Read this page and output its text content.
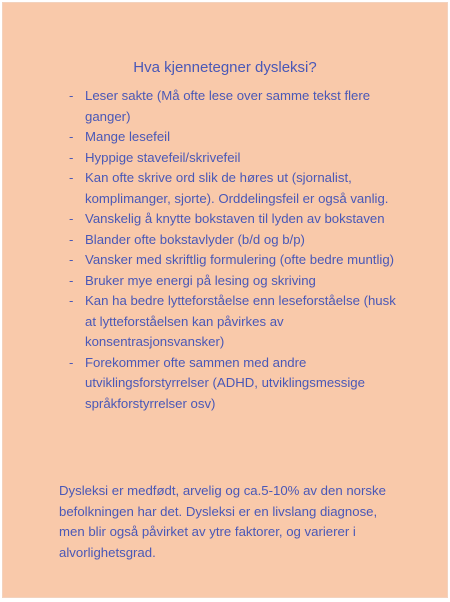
Hva kjennetegner dysleksi?
- Leser sakte (Må ofte lese over samme tekst flere ganger)
- Mange lesefeil
- Hyppige stavefeil/skrivefeil
- Kan ofte skrive ord slik de høres ut (sjornalist, komplimanger, sjorte). Orddelingsfeil er også vanlig.
- Vanskelig å knytte bokstaven til lyden av bokstaven
- Blander ofte bokstavlyder (b/d og b/p)
- Vansker med skriftlig formulering (ofte bedre muntlig)
- Bruker mye energi på lesing og skriving
- Kan ha bedre lytteforståelse enn leseforståelse (husk at lytteforståelsen kan påvirkes av konsentrasjonsvansker)
- Forekommer ofte sammen med andre utviklingsforstyrrelser (ADHD, utviklingsmessige språkforstyrrelser osv)

Dysleksi er medfødt, arvelig og ca.5-10% av den norske befolkningen har det. Dysleksi er en livslang diagnose, men blir også påvirket av ytre faktorer, og varierer i alvorlighetsgrad.
